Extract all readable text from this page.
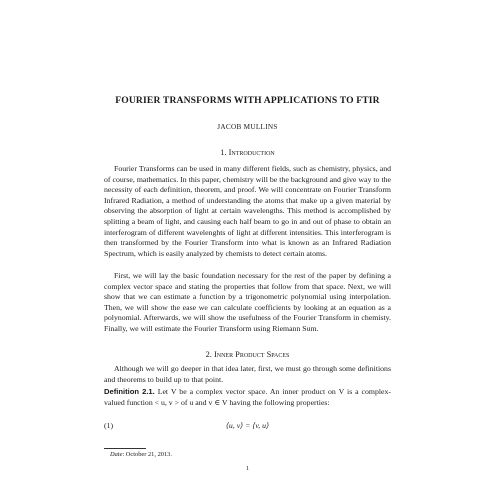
FOURIER TRANSFORMS WITH APPLICATIONS TO FTIR
JACOB MULLINS
1. Introduction

Fourier Transforms can be used in many different fields, such as chemistry, physics, and of course, mathematics. In this paper, chemistry will be the background and give way to the necessity of each definition, theorem, and proof. We will concentrate on Fourier Transform Infrared Radiation, a method of understanding the atoms that make up a given material by observing the absorption of light at certain wavelengths. This method is accomplished by splitting a beam of light, and causing each half beam to go in and out of phase to obtain an interferogram of different wavelenghts of light at different intensities. This interferogram is then transformed by the Fourier Transform into what is known as an Infrared Radiation Spectrum, which is easily analyzed by chemists to detect certain atoms.

First, we will lay the basic foundation necessary for the rest of the paper by defining a complex vector space and stating the properties that follow from that space. Next, we will show that we can estimate a function by a trigonometric polynomial using interpolation. Then, we will show the ease we can calculate coefficients by looking at an equation as a polynomial. Afterwards, we will show the usefulness of the Fourier Transform in chemisty. Finally, we will estimate the Fourier Transform using Riemann Sum.

2. Inner Product Spaces

Although we will go deeper in that idea later, first, we must go through some definitions and theorems to build up to that point.

Definition 2.1. Let V be a complex vector space. An inner product on V is a complex-valued function < u, v > of u and v ∈ V having the following properties:

(1)	⟨u, v⟩ = ⟨v, u⟩
Date: October 21, 2013.
1
